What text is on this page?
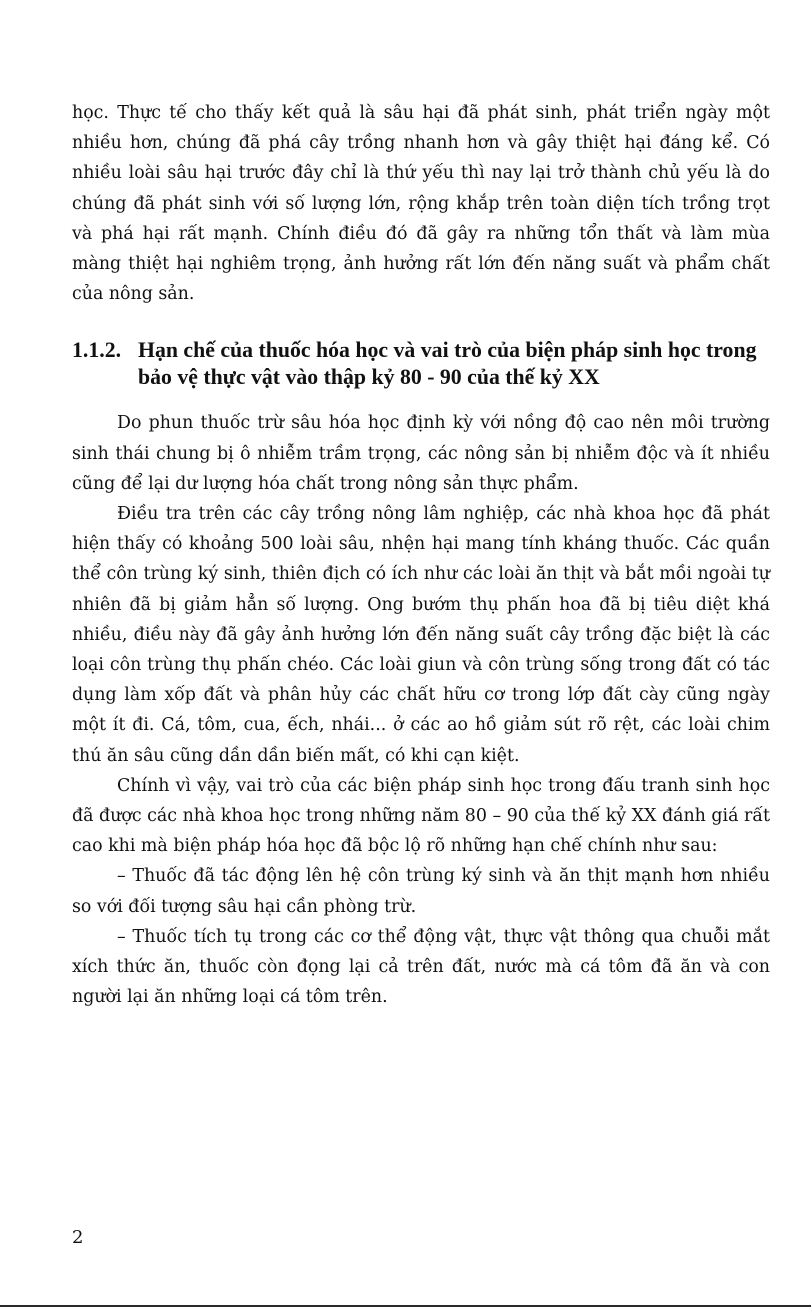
học. Thực tế cho thấy kết quả là sâu hại đã phát sinh, phát triển ngày một nhiều hơn, chúng đã phá cây trồng nhanh hơn và gây thiệt hại đáng kể. Có nhiều loài sâu hại trước đây chỉ là thứ yếu thì nay lại trở thành chủ yếu là do chúng đã phát sinh với số lượng lớn, rộng khắp trên toàn diện tích trồng trọt và phá hại rất mạnh. Chính điều đó đã gây ra những tổn thất và làm mùa màng thiệt hại nghiêm trọng, ảnh hưởng rất lớn đến năng suất và phẩm chất của nông sản.

1.1.2. Hạn chế của thuốc hóa học và vai trò của biện pháp sinh học trong bảo vệ thực vật vào thập kỷ 80 - 90 của thế kỷ XX

Do phun thuốc trừ sâu hóa học định kỳ với nồng độ cao nên môi trường sinh thái chung bị ô nhiễm trầm trọng, các nông sản bị nhiễm độc và ít nhiều cũng để lại dư lượng hóa chất trong nông sản thực phẩm.

Điều tra trên các cây trồng nông lâm nghiệp, các nhà khoa học đã phát hiện thấy có khoảng 500 loài sâu, nhện hại mang tính kháng thuốc. Các quần thể côn trùng ký sinh, thiên địch có ích như các loài ăn thịt và bắt mồi ngoài tự nhiên đã bị giảm hẳn số lượng. Ong bướm thụ phấn hoa đã bị tiêu diệt khá nhiều, điều này đã gây ảnh hưởng lớn đến năng suất cây trồng đặc biệt là các loại côn trùng thụ phấn chéo. Các loài giun và côn trùng sống trong đất có tác dụng làm xốp đất và phân hủy các chất hữu cơ trong lớp đất cày cũng ngày một ít đi. Cá, tôm, cua, ếch, nhái... ở các ao hồ giảm sút rõ rệt, các loài chim thú ăn sâu cũng dần dần biến mất, có khi cạn kiệt.

Chính vì vậy, vai trò của các biện pháp sinh học trong đấu tranh sinh học đã được các nhà khoa học trong những năm 80 – 90 của thế kỷ XX đánh giá rất cao khi mà biện pháp hóa học đã bộc lộ rõ những hạn chế chính như sau:

– Thuốc đã tác động lên hệ côn trùng ký sinh và ăn thịt mạnh hơn nhiều so với đối tượng sâu hại cần phòng trừ.

– Thuốc tích tụ trong các cơ thể động vật, thực vật thông qua chuỗi mắt xích thức ăn, thuốc còn đọng lại cả trên đất, nước mà cá tôm đã ăn và con người lại ăn những loại cá tôm trên.

2
